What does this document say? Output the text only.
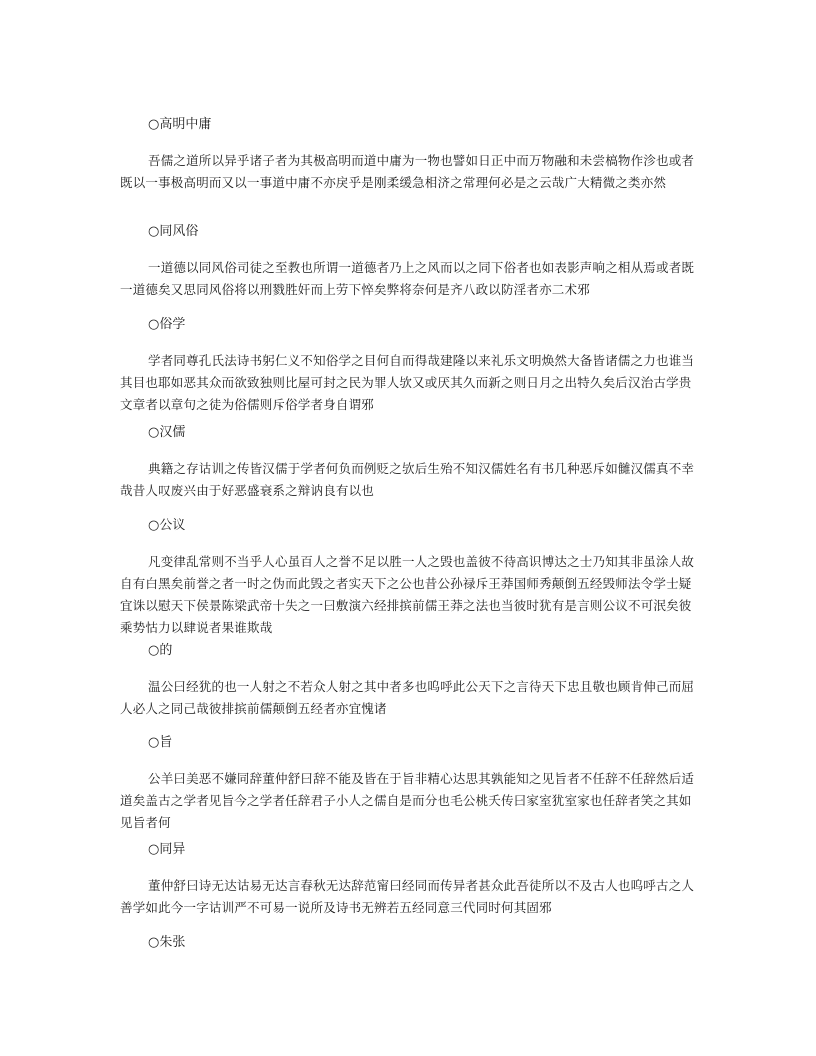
○高明中庸
吾儒之道所以异乎诸子者为其极高明而道中庸为一物也譬如日正中而万物融和未尝槁物作沴也或者既以一事极高明而又以一事道中庸不亦戾乎是刚柔缓急相济之常理何必是之云哉广大精微之类亦然
○同风俗
一道德以同风俗司徒之至教也所谓一道德者乃上之风而以之同下俗者也如表影声响之相从焉或者既一道德矣又思同风俗将以刑戮胜奸而上劳下悴矣弊将奈何是齐八政以防淫者亦二术邪
○俗学
学者同尊孔氏法诗书躬仁义不知俗学之目何自而得哉建隆以来礼乐文明焕然大备皆诸儒之力也谁当其目也耶如恶其众而欲致独则比屋可封之民为罪人欤又或厌其久而新之则日月之出特久矣后汉治古学贵文章者以章句之徒为俗儒则斥俗学者身自谓邪
○汉儒
典籍之存诂训之传皆汉儒于学者何负而例贬之欤后生殆不知汉儒姓名有书几种恶斥如雠汉儒真不幸哉昔人叹废兴由于好恶盛衰系之辩讷良有以也
○公议
凡变律乱常则不当乎人心虽百人之誉不足以胜一人之毁也盖彼不待高识博达之士乃知其非虽涂人故自有白黑矣前誉之者一时之伪而此毁之者实天下之公也昔公孙禄斥王莽国师秀颠倒五经毁师法令学士疑宜诛以慰天下侯景陈梁武帝十失之一曰敷演六经排摈前儒王莽之法也当彼时犹有是言则公议不可泯矣彼乘势怙力以肆说者果谁欺哉
○的
温公曰经犹的也一人射之不若众人射之其中者多也呜呼此公天下之言待天下忠且敬也顾肯伸己而屈人必人之同己哉彼排摈前儒颠倒五经者亦宜愧诸
○旨
公羊曰美恶不嫌同辞董仲舒曰辞不能及皆在于旨非精心达思其孰能知之见旨者不任辞不任辞然后适道矣盖古之学者见旨今之学者任辞君子小人之儒自是而分也毛公桃夭传曰家室犹室家也任辞者笑之其如见旨者何
○同异
董仲舒曰诗无达诂易无达言春秋无达辞范甯曰经同而传异者甚众此吾徒所以不及古人也呜呼古之人善学如此今一字诂训严不可易一说所及诗书无辨若五经同意三代同时何其固邪
○朱张
